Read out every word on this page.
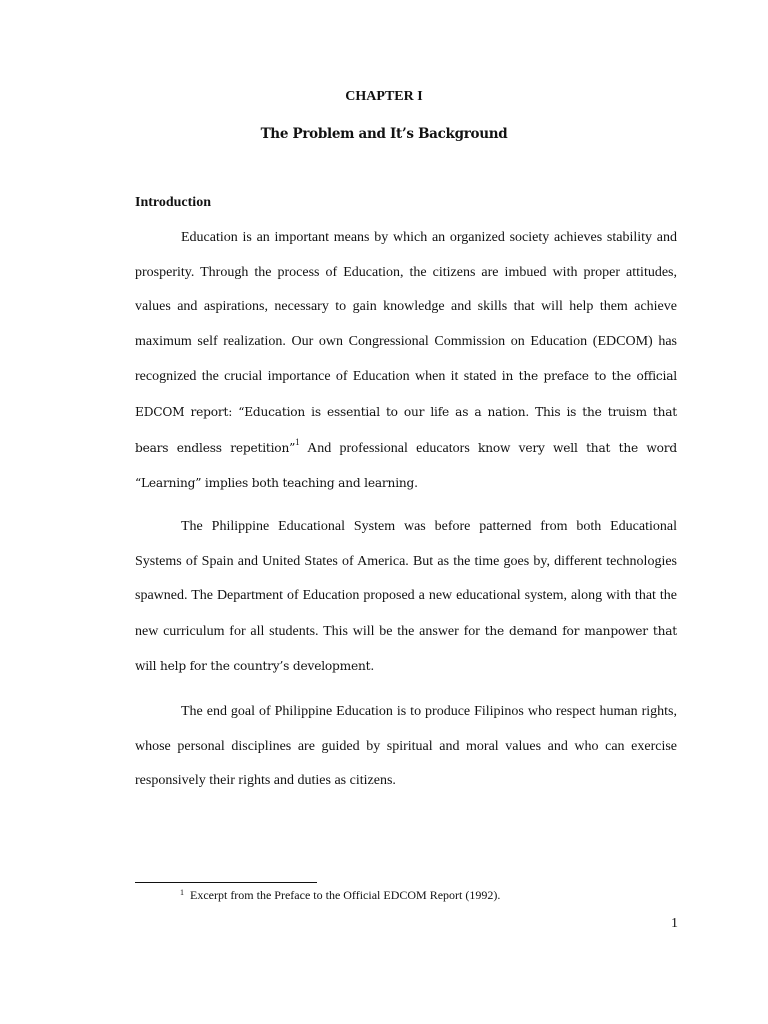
CHAPTER I
The Problem and It’s Background
Introduction

Education is an important means by which an organized society achieves stability and prosperity. Through the process of Education, the citizens are imbued with proper attitudes, values and aspirations, necessary to gain knowledge and skills that will help them achieve maximum self realization. Our own Congressional Commission on Education (EDCOM) has recognized the crucial importance of Education when it stated in the preface to the official EDCOM report: “Education is essential to our life as a nation. This is the truism that bears endless repetition”$^1$ And professional educators know very well that the word “Learning” implies both teaching and learning.

The Philippine Educational System was before patterned from both Educational Systems of Spain and United States of America. But as the time goes by, different technologies spawned. The Department of Education proposed a new educational system, along with that the new curriculum for all students. This will be the answer for the demand for manpower that will help for the country’s development.

The end goal of Philippine Education is to produce Filipinos who respect human rights, whose personal disciplines are guided by spiritual and moral values and who can exercise responsively their rights and duties as citizens.

$^1$ Excerpt from the Preface to the Official EDCOM Report (1992).
1
